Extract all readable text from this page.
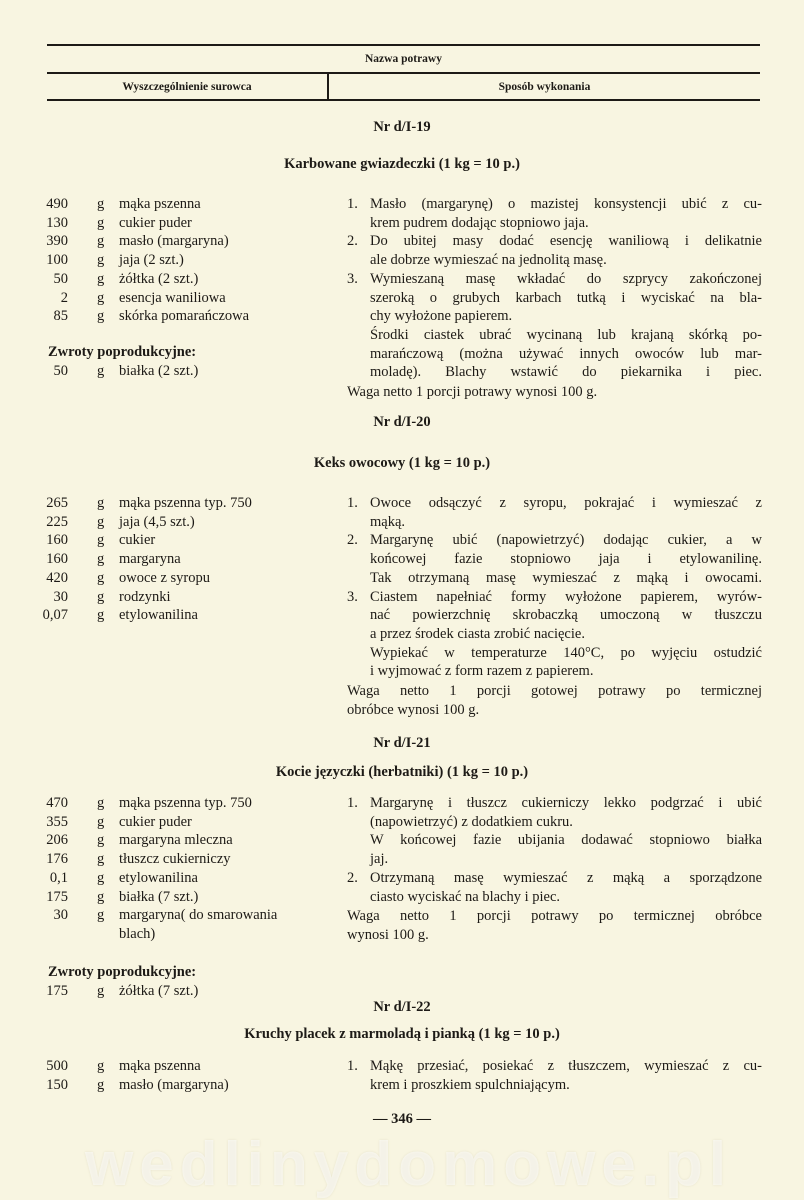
Nazwa potrawy
Wyszczególnienie surowca	Sposób wykonania
Nr d/I-19
Karbowane gwiazdeczki (1 kg = 10 p.)
490 g mąka pszenna
130 g cukier puder
390 g masło (margaryna)
100 g jaja (2 szt.)
50 g żółtka (2 szt.)
2 g esencja waniliowa
85 g skórka pomarańczowa
Zwroty poprodukcyjne:
50 g białka (2 szt.)
1. Masło (margarynę) o mazistej konsystencji ubić z cu-
krem pudrem dodając stopniowo jaja.
2. Do ubitej masy dodać esencję waniliową i delikatnie
ale dobrze wymieszać na jednolitą masę.
3. Wymieszaną masę wkładać do szprycy zakończonej
szeroką o grubych karbach tutką i wyciskać na bla-
chy wyłożone papierem.
Środki ciastek ubrać wycinaną lub krajaną skórką po-
marańczową (można używać innych owoców lub mar-
moladę). Blachy wstawić do piekarnika i piec.
Waga netto 1 porcji potrawy wynosi 100 g.
Nr d/I-20
Keks owocowy (1 kg = 10 p.)
265 g mąka pszenna typ. 750
225 g jaja (4,5 szt.)
160 g cukier
160 g margaryna
420 g owoce z syropu
30 g rodzynki
0,07 g etylowanilina
1. Owoce odsączyć z syropu, pokrajać i wymieszać z
mąką.
2. Margarynę ubić (napowietrzyć) dodając cukier, a w
końcowej fazie stopniowo jaja i etylowanilinę.
Tak otrzymaną masę wymieszać z mąką i owocami.
3. Ciastem napełniać formy wyłożone papierem, wyrów-
nać powierzchnię skrobaczką umoczoną w tłuszczu
a przez środek ciasta zrobić nacięcie.
Wypiekać w temperaturze 140°C, po wyjęciu ostudzić
i wyjmować z form razem z papierem.
Waga netto 1 porcji gotowej potrawy po termicznej
obróbce wynosi 100 g.
Nr d/I-21
Kocie języczki (herbatniki) (1 kg = 10 p.)
470 g mąka pszenna typ. 750
355 g cukier puder
206 g margaryna mleczna
176 g tłuszcz cukierniczy
0,1 g etylowanilina
175 g białka (7 szt.)
30 g margaryna( do smarowania
blach)
Zwroty poprodukcyjne:
175 g żółtka (7 szt.)
1. Margarynę i tłuszcz cukierniczy lekko podgrzać i ubić
(napowietrzyć) z dodatkiem cukru.
W końcowej fazie ubijania dodawać stopniowo białka
jaj.
2. Otrzymaną masę wymieszać z mąką a sporządzone
ciasto wyciskać na blachy i piec.
Waga netto 1 porcji potrawy po termicznej obróbce
wynosi 100 g.
Nr d/I-22
Kruchy placek z marmoladą i pianką (1 kg = 10 p.)
500 g mąka pszenna
150 g masło (margaryna)
1. Mąkę przesiać, posiekać z tłuszczem, wymieszać z cu-
krem i proszkiem spulchniającym.
wedlinydomowe.pl
— 346 —
